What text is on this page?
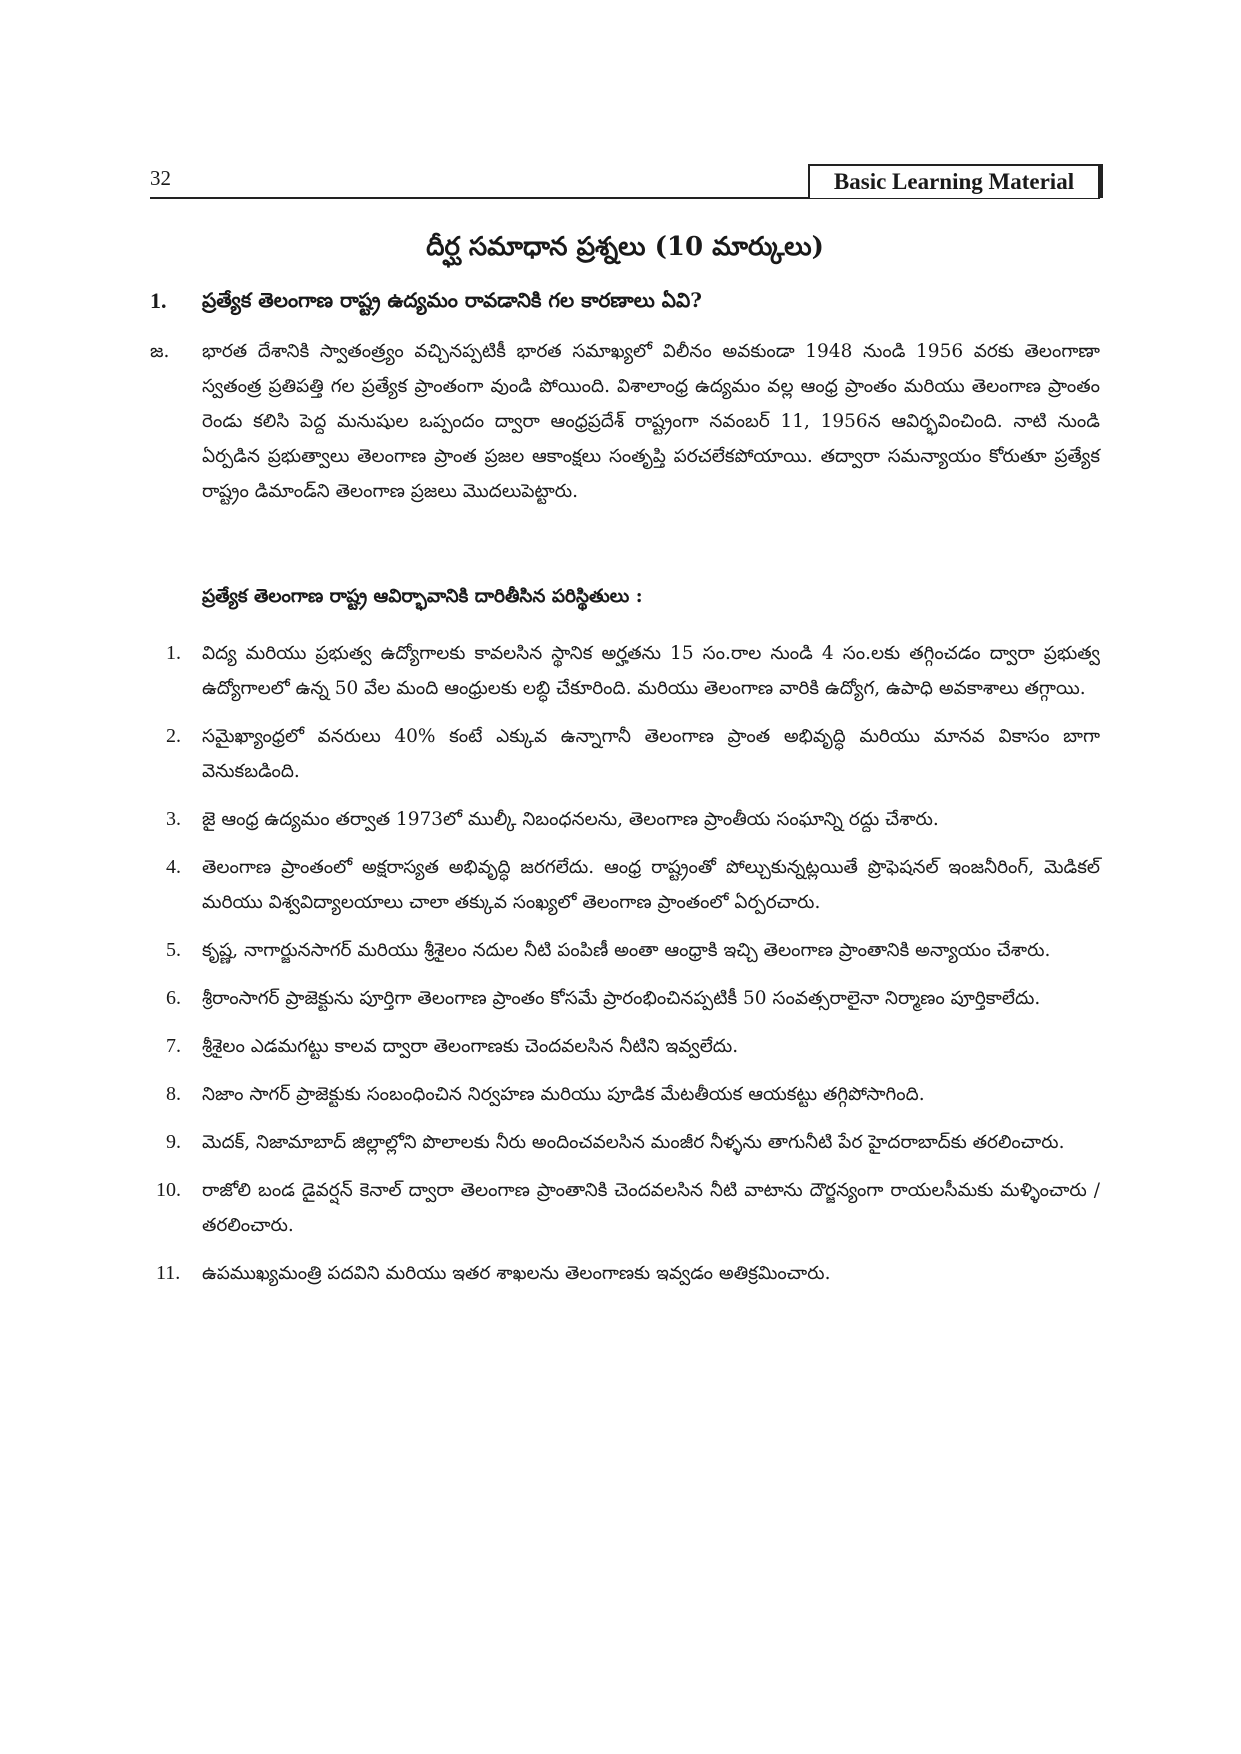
32	Basic Learning Material
దీర్ఘ సమాధాన ప్రశ్నలు (10 మార్కులు)
1. ప్రత్యేక తెలంగాణ రాష్ట్ర ఉద్యమం రావడానికి గల కారణాలు ఏవి?
జ. భారత దేశానికి స్వాతంత్ర్యం వచ్చినప్పటికీ భారత సమాఖ్యలో విలీనం అవకుండా 1948 నుండి 1956 వరకు తెలంగాణా స్వతంత్ర ప్రతిపత్తి గల ప్రత్యేక ప్రాంతంగా వుండి పోయింది. విశాలాంధ్ర ఉద్యమం వల్ల ఆంధ్ర ప్రాంతం మరియు తెలంగాణ ప్రాంతం రెండు కలిసి పెద్ద మనుషుల ఒప్పందం ద్వారా ఆంధ్రప్రదేశ్ రాష్ట్రంగా నవంబర్ 11, 1956న ఆవిర్భవించింది. నాటి నుండి ఏర్పడిన ప్రభుత్వాలు తెలంగాణ ప్రాంత ప్రజల ఆకాంక్షలు సంతృప్తి పరచలేకపోయాయి. తద్వారా సమన్యాయం కోరుతూ ప్రత్యేక రాష్ట్రం డిమాండ్‌ని తెలంగాణ ప్రజలు మొదలుపెట్టారు.
ప్రత్యేక తెలంగాణ రాష్ట్ర ఆవిర్భావానికి దారితీసిన పరిస్థితులు :
1. విద్య మరియు ప్రభుత్వ ఉద్యోగాలకు కావలసిన స్థానిక అర్హతను 15 సం.రాల నుండి 4 సం.లకు తగ్గించడం ద్వారా ప్రభుత్వ ఉద్యోగాలలో ఉన్న 50 వేల మంది ఆంధ్రులకు లబ్ధి చేకూరింది. మరియు తెలంగాణ వారికి ఉద్యోగ, ఉపాధి అవకాశాలు తగ్గాయి.
2. సమైఖ్యాంధ్రలో వనరులు 40% కంటే ఎక్కువ ఉన్నాగానీ తెలంగాణ ప్రాంత అభివృద్ధి మరియు మానవ వికాసం బాగా వెనుకబడింది.
3. జై ఆంధ్ర ఉద్యమం తర్వాత 1973లో ముల్కీ నిబంధనలను, తెలంగాణ ప్రాంతీయ సంఘాన్ని రద్దు చేశారు.
4. తెలంగాణ ప్రాంతంలో అక్షరాస్యత అభివృద్ధి జరగలేదు. ఆంధ్ర రాష్ట్రంతో పోల్చుకున్నట్లయితే ప్రొఫెషనల్ ఇంజనీరింగ్, మెడికల్ మరియు విశ్వవిద్యాలయాలు చాలా తక్కువ సంఖ్యలో తెలంగాణ ప్రాంతంలో ఏర్పరచారు.
5. కృష్ణ, నాగార్జునసాగర్ మరియు శ్రీశైలం నదుల నీటి పంపిణీ అంతా ఆంధ్రాకి ఇచ్చి తెలంగాణ ప్రాంతానికి అన్యాయం చేశారు.
6. శ్రీరాంసాగర్ ప్రాజెక్టును పూర్తిగా తెలంగాణ ప్రాంతం కోసమే ప్రారంభించినప్పటికీ 50 సంవత్సరాలైనా నిర్మాణం పూర్తికాలేదు.
7. శ్రీశైలం ఎడమగట్టు కాలవ ద్వారా తెలంగాణకు చెందవలసిన నీటిని ఇవ్వలేదు.
8. నిజాం సాగర్ ప్రాజెక్టుకు సంబంధించిన నిర్వహణ మరియు పూడిక మేటతీయక ఆయకట్టు తగ్గిపోసాగింది.
9. మెదక్, నిజామాబాద్ జిల్లాల్లోని పొలాలకు నీరు అందించవలసిన మంజీర నీళ్ళను తాగునీటి పేర హైదరాబాద్‌కు తరలించారు.
10. రాజోలి బండ డైవర్షన్ కెనాల్ ద్వారా తెలంగాణ ప్రాంతానికి చెందవలసిన నీటి వాటాను దౌర్జన్యంగా రాయలసీమకు మళ్ళించారు / తరలించారు.
11. ఉపముఖ్యమంత్రి పదవిని మరియు ఇతర శాఖలను తెలంగాణకు ఇవ్వడం అతిక్రమించారు.
